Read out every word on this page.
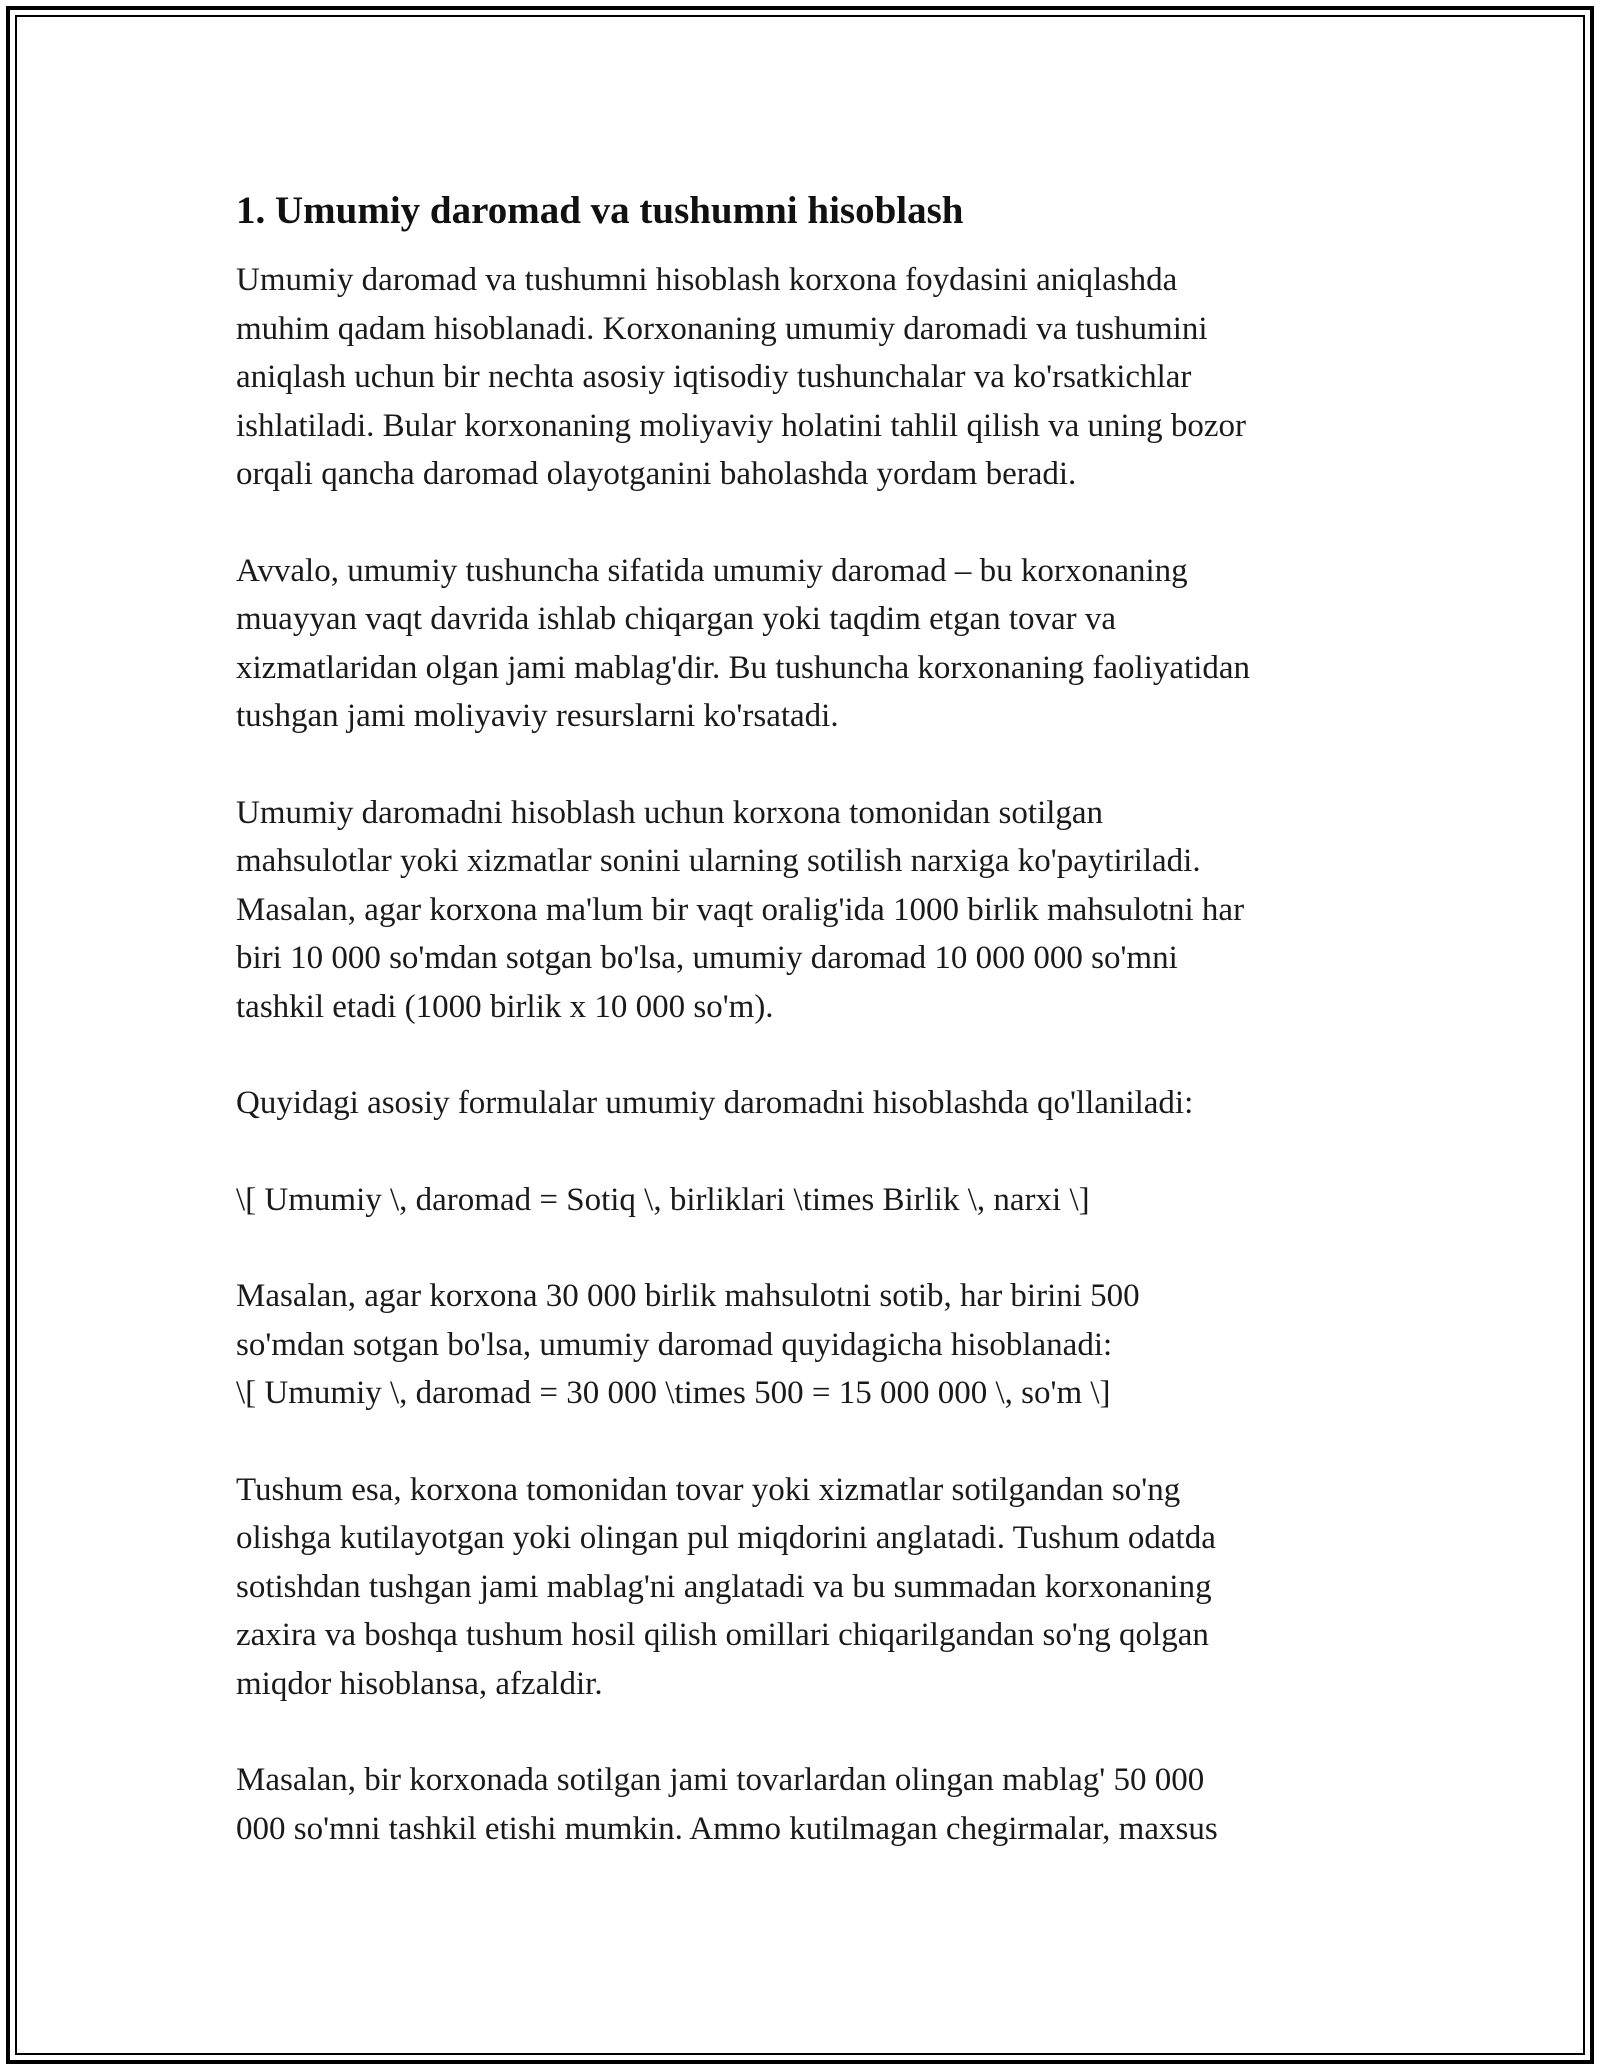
1. Umumiy daromad va tushumni hisoblash

Umumiy daromad va tushumni hisoblash korxona foydasini aniqlashda
muhim qadam hisoblanadi. Korxonaning umumiy daromadi va tushumini
aniqlash uchun bir nechta asosiy iqtisodiy tushunchalar va ko'rsatkichlar
ishlatiladi. Bular korxonaning moliyaviy holatini tahlil qilish va uning bozor
orqali qancha daromad olayotganini baholashda yordam beradi.

Avvalo, umumiy tushuncha sifatida umumiy daromad – bu korxonaning
muayyan vaqt davrida ishlab chiqargan yoki taqdim etgan tovar va
xizmatlaridan olgan jami mablag'dir. Bu tushuncha korxonaning faoliyatidan
tushgan jami moliyaviy resurslarni ko'rsatadi.

Umumiy daromadni hisoblash uchun korxona tomonidan sotilgan
mahsulotlar yoki xizmatlar sonini ularning sotilish narxiga ko'paytiriladi.
Masalan, agar korxona ma'lum bir vaqt oralig'ida 1000 birlik mahsulotni har
biri 10 000 so'mdan sotgan bo'lsa, umumiy daromad 10 000 000 so'mni
tashkil etadi (1000 birlik x 10 000 so'm).

Quyidagi asosiy formulalar umumiy daromadni hisoblashda qo'llaniladi:

\[ Umumiy \, daromad = Sotiq \, birliklari \times Birlik \, narxi \]

Masalan, agar korxona 30 000 birlik mahsulotni sotib, har birini 500
so'mdan sotgan bo'lsa, umumiy daromad quyidagicha hisoblanadi:
\[ Umumiy \, daromad = 30 000 \times 500 = 15 000 000 \, so'm \]

Tushum esa, korxona tomonidan tovar yoki xizmatlar sotilgandan so'ng
olishga kutilayotgan yoki olingan pul miqdorini anglatadi. Tushum odatda
sotishdan tushgan jami mablag'ni anglatadi va bu summadan korxonaning
zaxira va boshqa tushum hosil qilish omillari chiqarilgandan so'ng qolgan
miqdor hisoblansa, afzaldir.

Masalan, bir korxonada sotilgan jami tovarlardan olingan mablag' 50 000
000 so'mni tashkil etishi mumkin. Ammo kutilmagan chegirmalar, maxsus
